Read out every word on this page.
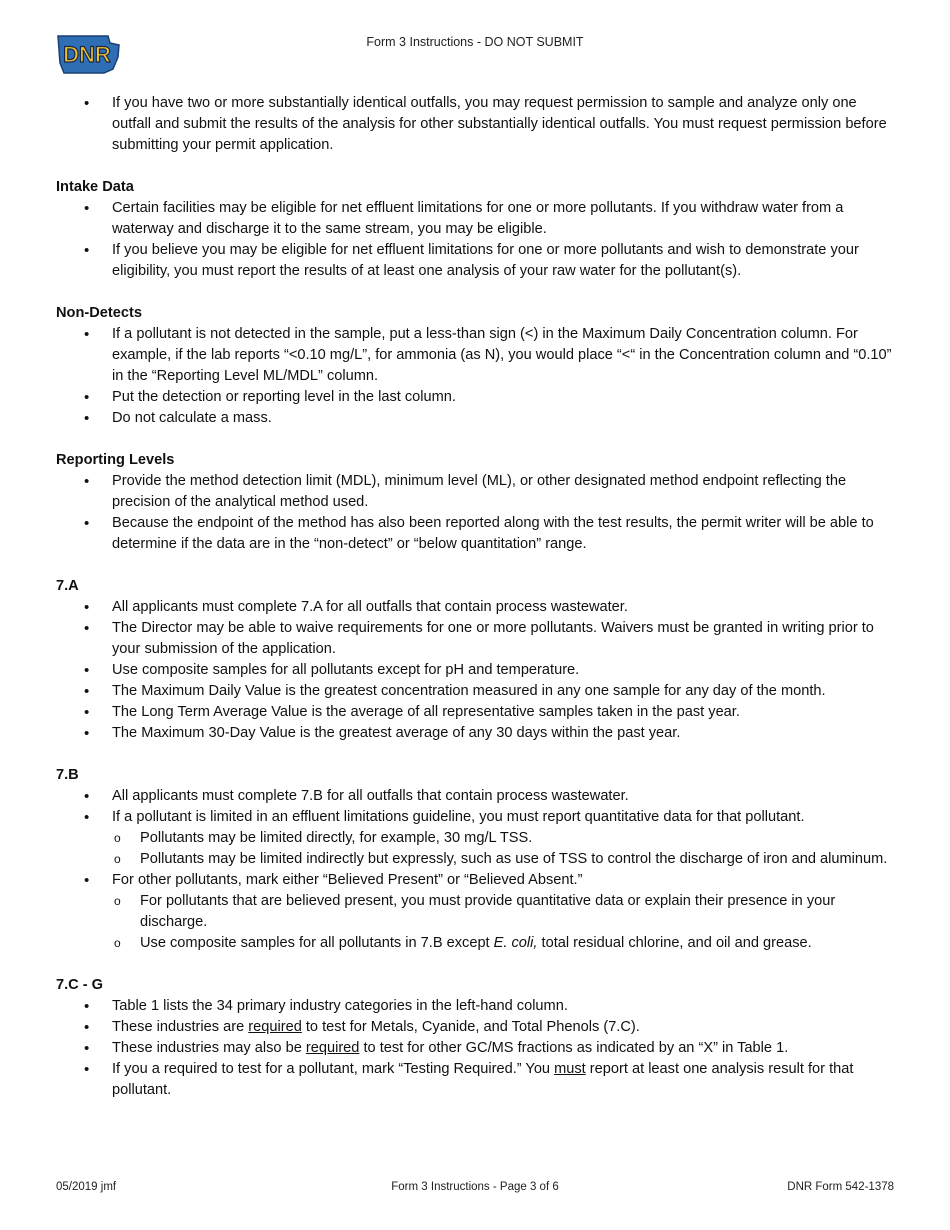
DNR	Form 3 Instructions - DO NOT SUBMIT
• If you have two or more substantially identical outfalls, you may request permission to sample and analyze only one outfall and submit the results of the analysis for other substantially identical outfalls. You must request permission before submitting your permit application.
Intake Data
• Certain facilities may be eligible for net effluent limitations for one or more pollutants. If you withdraw water from a waterway and discharge it to the same stream, you may be eligible.
• If you believe you may be eligible for net effluent limitations for one or more pollutants and wish to demonstrate your eligibility, you must report the results of at least one analysis of your raw water for the pollutant(s).
Non-Detects
• If a pollutant is not detected in the sample, put a less-than sign (<) in the Maximum Daily Concentration column. For example, if the lab reports “<0.10 mg/L”, for ammonia (as N), you would place “<“ in the Concentration column and “0.10” in the “Reporting Level ML/MDL” column.
• Put the detection or reporting level in the last column.
• Do not calculate a mass.
Reporting Levels
• Provide the method detection limit (MDL), minimum level (ML), or other designated method endpoint reflecting the precision of the analytical method used.
• Because the endpoint of the method has also been reported along with the test results, the permit writer will be able to determine if the data are in the “non-detect” or “below quantitation” range.
7.A
• All applicants must complete 7.A for all outfalls that contain process wastewater.
• The Director may be able to waive requirements for one or more pollutants. Waivers must be granted in writing prior to your submission of the application.
• Use composite samples for all pollutants except for pH and temperature.
• The Maximum Daily Value is the greatest concentration measured in any one sample for any day of the month.
• The Long Term Average Value is the average of all representative samples taken in the past year.
• The Maximum 30-Day Value is the greatest average of any 30 days within the past year.
7.B
• All applicants must complete 7.B for all outfalls that contain process wastewater.
• If a pollutant is limited in an effluent limitations guideline, you must report quantitative data for that pollutant.
o Pollutants may be limited directly, for example, 30 mg/L TSS.
o Pollutants may be limited indirectly but expressly, such as use of TSS to control the discharge of iron and aluminum.
• For other pollutants, mark either “Believed Present” or “Believed Absent.”
o For pollutants that are believed present, you must provide quantitative data or explain their presence in your discharge.
o Use composite samples for all pollutants in 7.B except E. coli, total residual chlorine, and oil and grease.
7.C - G
• Table 1 lists the 34 primary industry categories in the left-hand column.
• These industries are required to test for Metals, Cyanide, and Total Phenols (7.C).
• These industries may also be required to test for other GC/MS fractions as indicated by an “X” in Table 1.
• If you a required to test for a pollutant, mark “Testing Required.” You must report at least one analysis result for that pollutant.
05/2019 jmf	Form 3 Instructions - Page 3 of 6	DNR Form 542-1378
